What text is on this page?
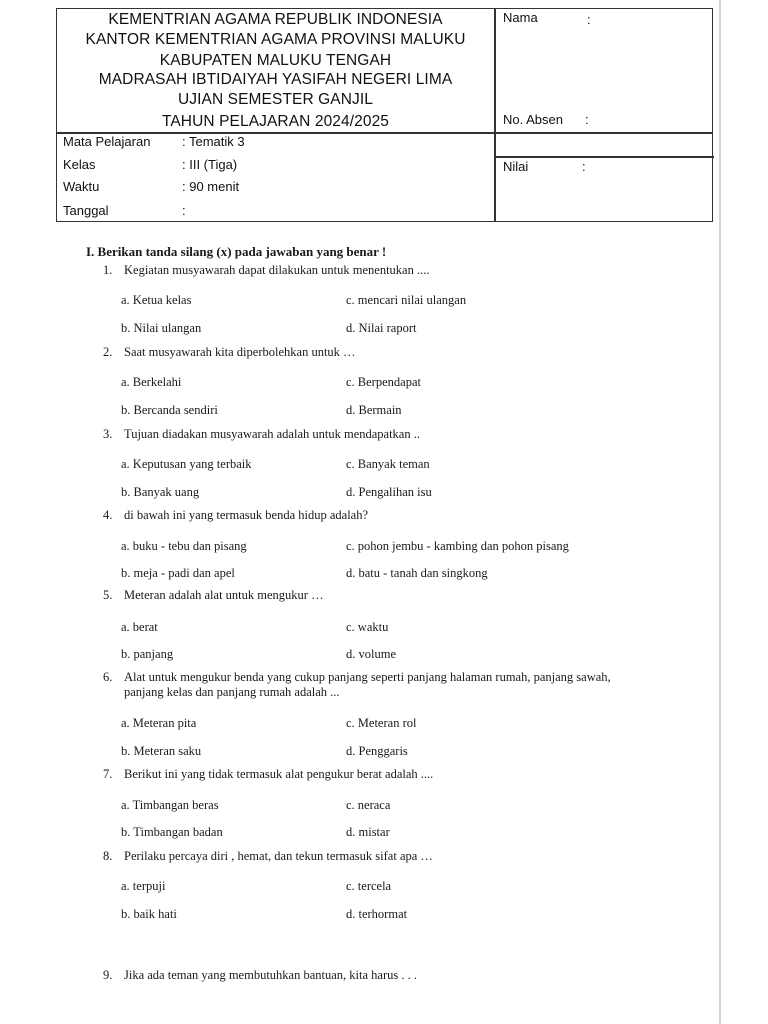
KEMENTRIAN AGAMA REPUBLIK INDONESIA
KANTOR KEMENTRIAN AGAMA PROVINSI MALUKU
KABUPATEN MALUKU TENGAH
MADRASAH IBTIDAIYAH YASIFAH NEGERI LIMA
UJIAN SEMESTER GANJIL
TAHUN PELAJARAN 2024/2025
Nama	:
No. Absen :
Nilai	:
Mata Pelajaran : Tematik 3
Kelas	: III (Tiga)
Waktu	: 90 menit
Tanggal	:
I. Berikan tanda silang (x) pada jawaban yang benar !
1. Kegiatan musyawarah dapat dilakukan untuk menentukan ....
a. Ketua kelas	c. mencari nilai ulangan
b. Nilai ulangan	d. Nilai raport
2. Saat musyawarah kita diperbolehkan untuk …
a. Berkelahi	c. Berpendapat
b. Bercanda sendiri	d. Bermain
3. Tujuan diadakan musyawarah adalah untuk mendapatkan ..
a. Keputusan yang terbaik	c. Banyak teman
b. Banyak uang	d. Pengalihan isu
4. di bawah ini yang termasuk benda hidup adalah?
a. buku - tebu dan pisang	c. pohon jembu - kambing dan pohon pisang
b. meja - padi dan apel	d. batu - tanah dan singkong
5. Meteran adalah alat untuk mengukur …
a. berat	c. waktu
b. panjang	d. volume
6. Alat untuk mengukur benda yang cukup panjang seperti panjang halaman rumah, panjang sawah,
panjang kelas dan panjang rumah adalah ...
a. Meteran pita	c. Meteran rol
b. Meteran saku	d. Penggaris
7. Berikut ini yang tidak termasuk alat pengukur berat adalah ....
a. Timbangan beras	c. neraca
b. Timbangan badan	d. mistar
8. Perilaku percaya diri , hemat, dan tekun termasuk sifat apa …
a. terpuji	c. tercela
b. baik hati	d. terhormat
9. Jika ada teman yang membutuhkan bantuan, kita harus . . .
